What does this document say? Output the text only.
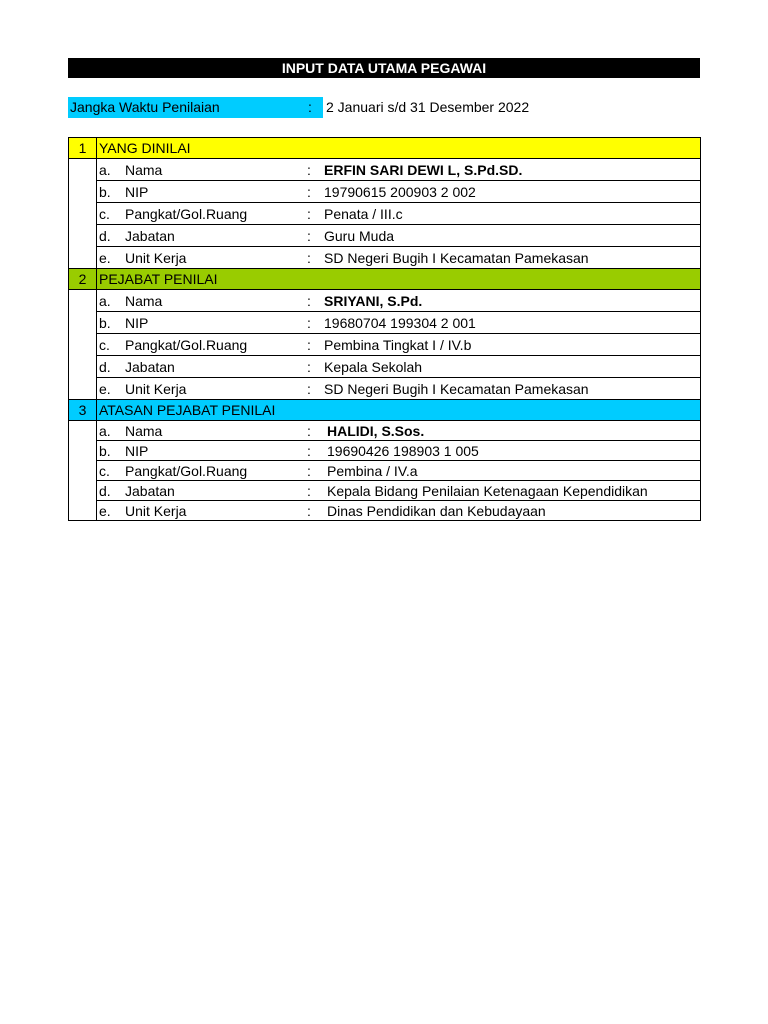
INPUT DATA UTAMA PEGAWAI
Jangka Waktu Penilaian	: 2 Januari s/d 31 Desember 2022
1	YANG DINILAI

	a. Nama : ERFIN SARI DEWI L, S.Pd.SD.

	b. NIP : 19790615 200903 2 002

	c. Pangkat/Gol.Ruang : Penata / III.c

	d. Jabatan : Guru Muda

	e. Unit Kerja : SD Negeri Bugih I Kecamatan Pamekasan

2	PEJABAT PENILAI

	a. Nama : SRIYANI, S.Pd.

	b. NIP : 19680704 199304 2 001

	c. Pangkat/Gol.Ruang : Pembina Tingkat I / IV.b

	d. Jabatan : Kepala Sekolah

	e. Unit Kerja : SD Negeri Bugih I Kecamatan Pamekasan

3	ATASAN PEJABAT PENILAI

	a. Nama : HALIDI, S.Sos.

	b. NIP : 19690426 198903 1 005

	c. Pangkat/Gol.Ruang : Pembina / IV.a

	d. Jabatan : Kepala Bidang Penilaian Ketenagaan Kependidikan

	e. Unit Kerja : Dinas Pendidikan dan Kebudayaan
